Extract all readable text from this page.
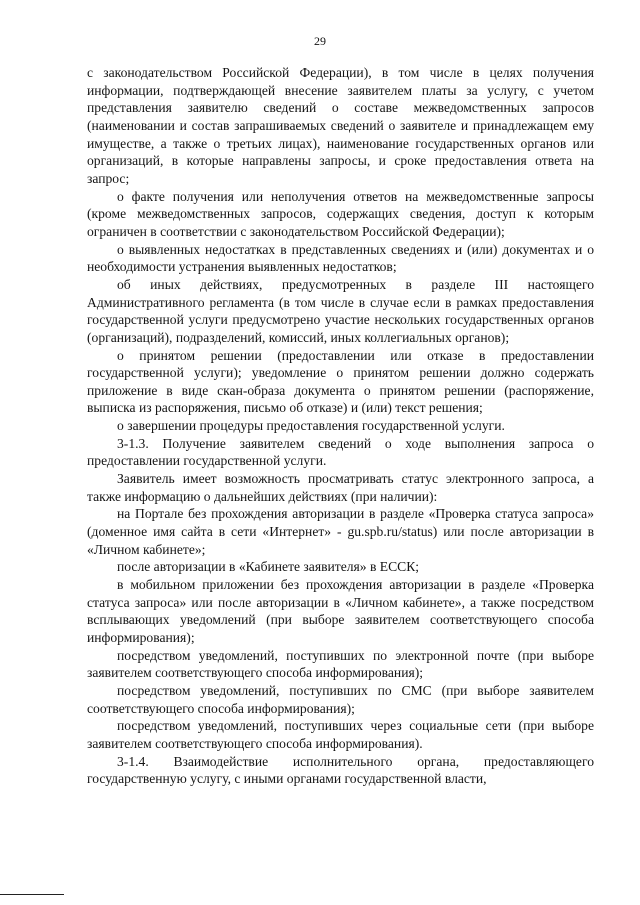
29

с законодательством Российской Федерации), в том числе в целях получения информации, подтверждающей внесение заявителем платы за услугу, с учетом представления заявителю сведений о составе межведомственных запросов (наименовании и состав запрашиваемых сведений о заявителе и принадлежащем ему имуществе, а также о третьих лицах), наименование государственных органов или организаций, в которые направлены запросы, и сроке предоставления ответа на запрос;

о факте получения или неполучения ответов на межведомственные запросы (кроме межведомственных запросов, содержащих сведения, доступ к которым ограничен в соответствии с законодательством Российской Федерации);

о выявленных недостатках в представленных сведениях и (или) документах и о необходимости устранения выявленных недостатков;

об иных действиях, предусмотренных в разделе III настоящего Административного регламента (в том числе в случае если в рамках предоставления государственной услуги предусмотрено участие нескольких государственных органов (организаций), подразделений, комиссий, иных коллегиальных органов);

о принятом решении (предоставлении или отказе в предоставлении государственной услуги); уведомление о принятом решении должно содержать приложение в виде скан-образа документа о принятом решении (распоряжение, выписка из распоряжения, письмо об отказе) и (или) текст решения;

о завершении процедуры предоставления государственной услуги.

3-1.3. Получение заявителем сведений о ходе выполнения запроса о предоставлении государственной услуги.

Заявитель имеет возможность просматривать статус электронного запроса, а также информацию о дальнейших действиях (при наличии):

на Портале без прохождения авторизации в разделе «Проверка статуса запроса» (доменное имя сайта в сети «Интернет» - gu.spb.ru/status) или после авторизации в «Личном кабинете»;

после авторизации в «Кабинете заявителя» в ЕССК;

в мобильном приложении без прохождения авторизации в разделе «Проверка статуса запроса» или после авторизации в «Личном кабинете», а также посредством всплывающих уведомлений (при выборе заявителем соответствующего способа информирования);

посредством уведомлений, поступивших по электронной почте (при выборе заявителем соответствующего способа информирования);

посредством уведомлений, поступивших по СМС (при выборе заявителем соответствующего способа информирования);

посредством уведомлений, поступивших через социальные сети (при выборе заявителем соответствующего способа информирования).

3-1.4. Взаимодействие исполнительного органа, предоставляющего государственную услугу, с иными органами государственной власти,
